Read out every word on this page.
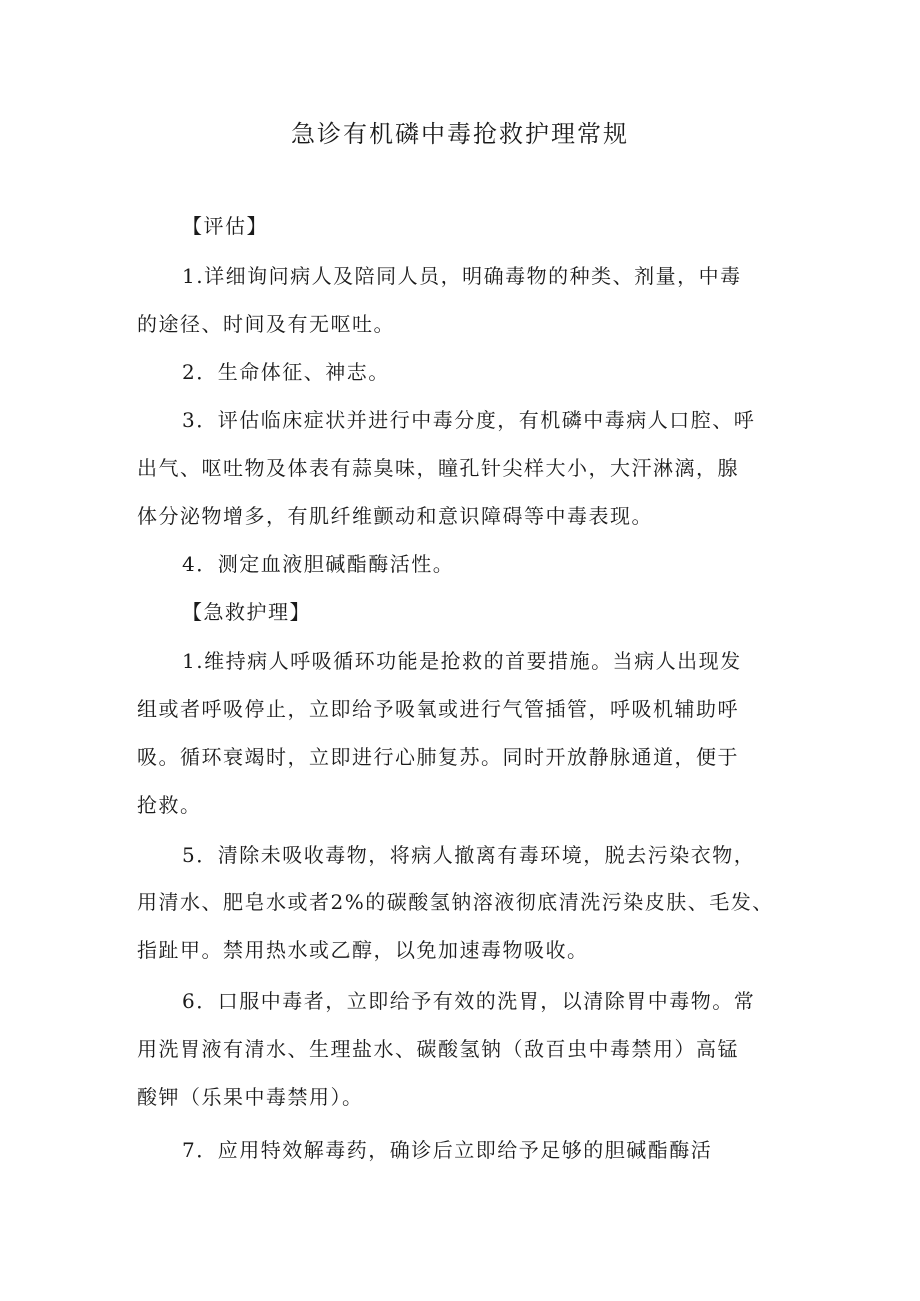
急诊有机磷中毒抢救护理常规
【评估】
1.详细询问病人及陪同人员，明确毒物的种类、剂量，中毒
的途径、时间及有无呕吐。
2．生命体征、神志。
3．评估临床症状并进行中毒分度，有机磷中毒病人口腔、呼
出气、呕吐物及体表有蒜臭味，瞳孔针尖样大小，大汗淋漓，腺
体分泌物增多，有肌纤维颤动和意识障碍等中毒表现。
4．测定血液胆碱酯酶活性。
【急救护理】
1.维持病人呼吸循环功能是抢救的首要措施。当病人出现发
组或者呼吸停止，立即给予吸氧或进行气管插管，呼吸机辅助呼
吸。循环衰竭时，立即进行心肺复苏。同时开放静脉通道，便于
抢救。
5．清除未吸收毒物，将病人撤离有毒环境，脱去污染衣物，
用清水、肥皂水或者2%的碳酸氢钠溶液彻底清洗污染皮肤、毛发、
指趾甲。禁用热水或乙醇，以免加速毒物吸收。
6．口服中毒者，立即给予有效的洗胃，以清除胃中毒物。常
用洗胃液有清水、生理盐水、碳酸氢钠（敌百虫中毒禁用）高锰
酸钾（乐果中毒禁用）。
7．应用特效解毒药，确诊后立即给予足够的胆碱酯酶活
